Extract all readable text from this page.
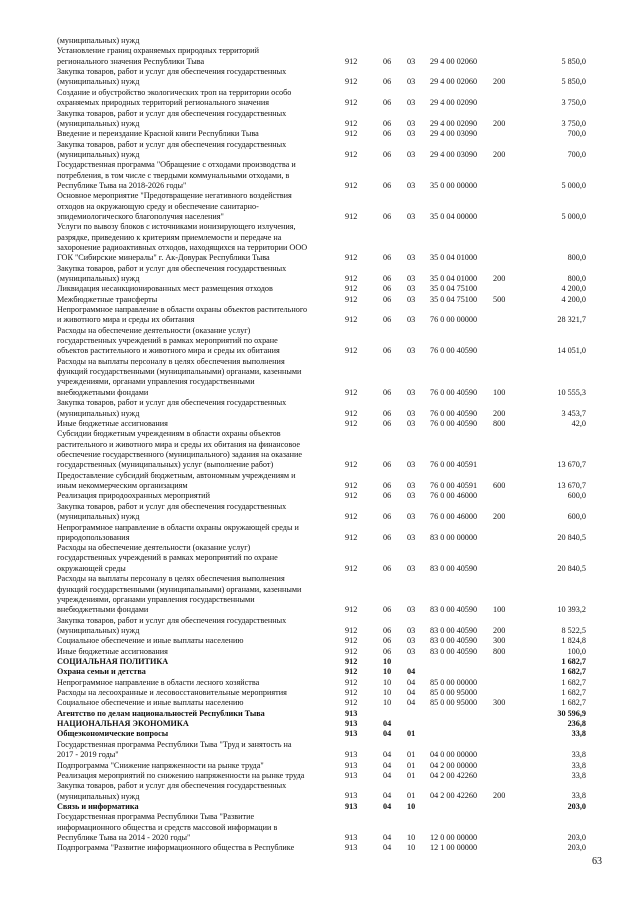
(муниципальных) нужд
Установление границ охраняемых природных территорий
регионального значения Республики Тыва	912	06 03 29 4 00 02060	5 850,0
Закупка товаров, работ и услуг для обеспечения государственных
(муниципальных) нужд	912	06 03 29 4 00 02060 200	5 850,0
Создание и обустройство экологических троп на территории особо
охраняемых природных территорий регионального значения	912	06 03 29 4 00 02090	3 750,0
Закупка товаров, работ и услуг для обеспечения государственных
(муниципальных) нужд	912	06 03 29 4 00 02090 200	3 750,0
Введение и переиздание Красной книги Республики Тыва	912	06 03 29 4 00 03090	700,0
Закупка товаров, работ и услуг для обеспечения государственных
(муниципальных) нужд	912	06 03 29 4 00 03090 200	700,0
Государственная программа "Обращение с отходами производства и
потребления, в том числе с твердыми коммунальными отходами, в
Республике Тыва на 2018-2026 годы"	912	06 03 35 0 00 00000	5 000,0
Основное мероприятие "Предотвращение негативного воздействия
отходов на окружающую среду и обеспечение санитарно-
эпидемиологического благополучия населения"	912	06 03 35 0 04 00000	5 000,0
Услуги по вывозу блоков с источниками ионизирующего излучения,
разрядке, приведению к критериям приемлемости и передаче на
захоронение радиоактивных отходов, находящихся на территории ООО
ГОК "Сибирские минералы" г. Ак-Довурак Республики Тыва	912	06 03 35 0 04 01000	800,0
Закупка товаров, работ и услуг для обеспечения государственных
(муниципальных) нужд	912	06 03 35 0 04 01000 200	800,0
Ликвидация несанкционированных мест размещения отходов	912	06 03 35 0 04 75100	4 200,0
Межбюджетные трансферты	912	06 03 35 0 04 75100 500	4 200,0
Непрограммное направление в области охраны объектов растительного
и животного мира и среды их обитания	912	06 03 76 0 00 00000	28 321,7
Расходы на обеспечение деятельности (оказание услуг)
государственных учреждений в рамках мероприятий по охране
объектов растительного и животного мира и среды их обитания	912	06 03 76 0 00 40590	14 051,0
Расходы на выплаты персоналу в целях обеспечения выполнения
функций государственными (муниципальными) органами, казенными
учреждениями, органами управления государственными
внебюджетными фондами	912	06 03 76 0 00 40590 100	10 555,3
Закупка товаров, работ и услуг для обеспечения государственных
(муниципальных) нужд	912	06 03 76 0 00 40590 200	3 453,7
Иные бюджетные ассигнования	912	06 03 76 0 00 40590 800	42,0
Субсидии бюджетным учреждениям в области охраны объектов
растительного и животного мира и среды их обитания на финансовое
обеспечение государственного (муниципального) задания на оказание
государственных (муниципальных) услуг (выполнение работ)	912	06 03 76 0 00 40591	13 670,7
Предоставление субсидий бюджетным, автономным учреждениям и
иным некоммерческим организациям	912	06 03 76 0 00 40591 600	13 670,7
Реализация природоохранных мероприятий	912	06 03 76 0 00 46000	600,0
Закупка товаров, работ и услуг для обеспечения государственных
(муниципальных) нужд	912	06 03 76 0 00 46000 200	600,0
Непрограммное направление в области охраны окружающей среды и
природопользования	912	06 03 83 0 00 00000	20 840,5
Расходы на обеспечение деятельности (оказание услуг)
государственных учреждений в рамках мероприятий по охране
окружающей среды	912	06 03 83 0 00 40590	20 840,5
Расходы на выплаты персоналу в целях обеспечения выполнения
функций государственными (муниципальными) органами, казенными
учреждениями, органами управления государственными
внебюджетными фондами	912	06 03 83 0 00 40590 100	10 393,2
Закупка товаров, работ и услуг для обеспечения государственных
(муниципальных) нужд	912	06 03 83 0 00 40590 200	8 522,5
Социальное обеспечение и иные выплаты населению	912	06 03 83 0 00 40590 300	1 824,8
Иные бюджетные ассигнования	912	06 03 83 0 00 40590 800	100,0
СОЦИАЛЬНАЯ ПОЛИТИКА	912	10	1 682,7
Охрана семьи и детства	912	10 04	1 682,7
Непрограммное направление в области лесного хозяйства	912	10 04 85 0 00 00000	1 682,7
Расходы на лесоохранные и лесовосстановительные мероприятия	912	10 04 85 0 00 95000	1 682,7
Социальное обеспечение и иные выплаты населению	912	10 04 85 0 00 95000 300	1 682,7
Агентство по делам национальностей Республики Тыва	913	30 596,9
НАЦИОНАЛЬНАЯ ЭКОНОМИКА	913	04	236,8
Общеэкономические вопросы	913	04 01	33,8
Государственная программа Республики Тыва "Труд и занятость на
2017 - 2019 годы"	913	04 01 04 0 00 00000	33,8
Подпрограмма "Снижение напряженности на рынке труда"	913	04 01 04 2 00 00000	33,8
Реализация мероприятий по снижению напряженности на рынке труда	913	04 01 04 2 00 42260	33,8
Закупка товаров, работ и услуг для обеспечения государственных
(муниципальных) нужд	913	04 01 04 2 00 42260 200	33,8
Связь и информатика	913	04 10	203,0
Государственная программа Республики Тыва "Развитие
информационного общества и средств массовой информации в
Республике Тыва на 2014 - 2020 годы"	913	04 10 12 0 00 00000	203,0
Подпрограмма "Развитие информационного общества в Республике	913	04 10 12 1 00 00000	203,0
63
